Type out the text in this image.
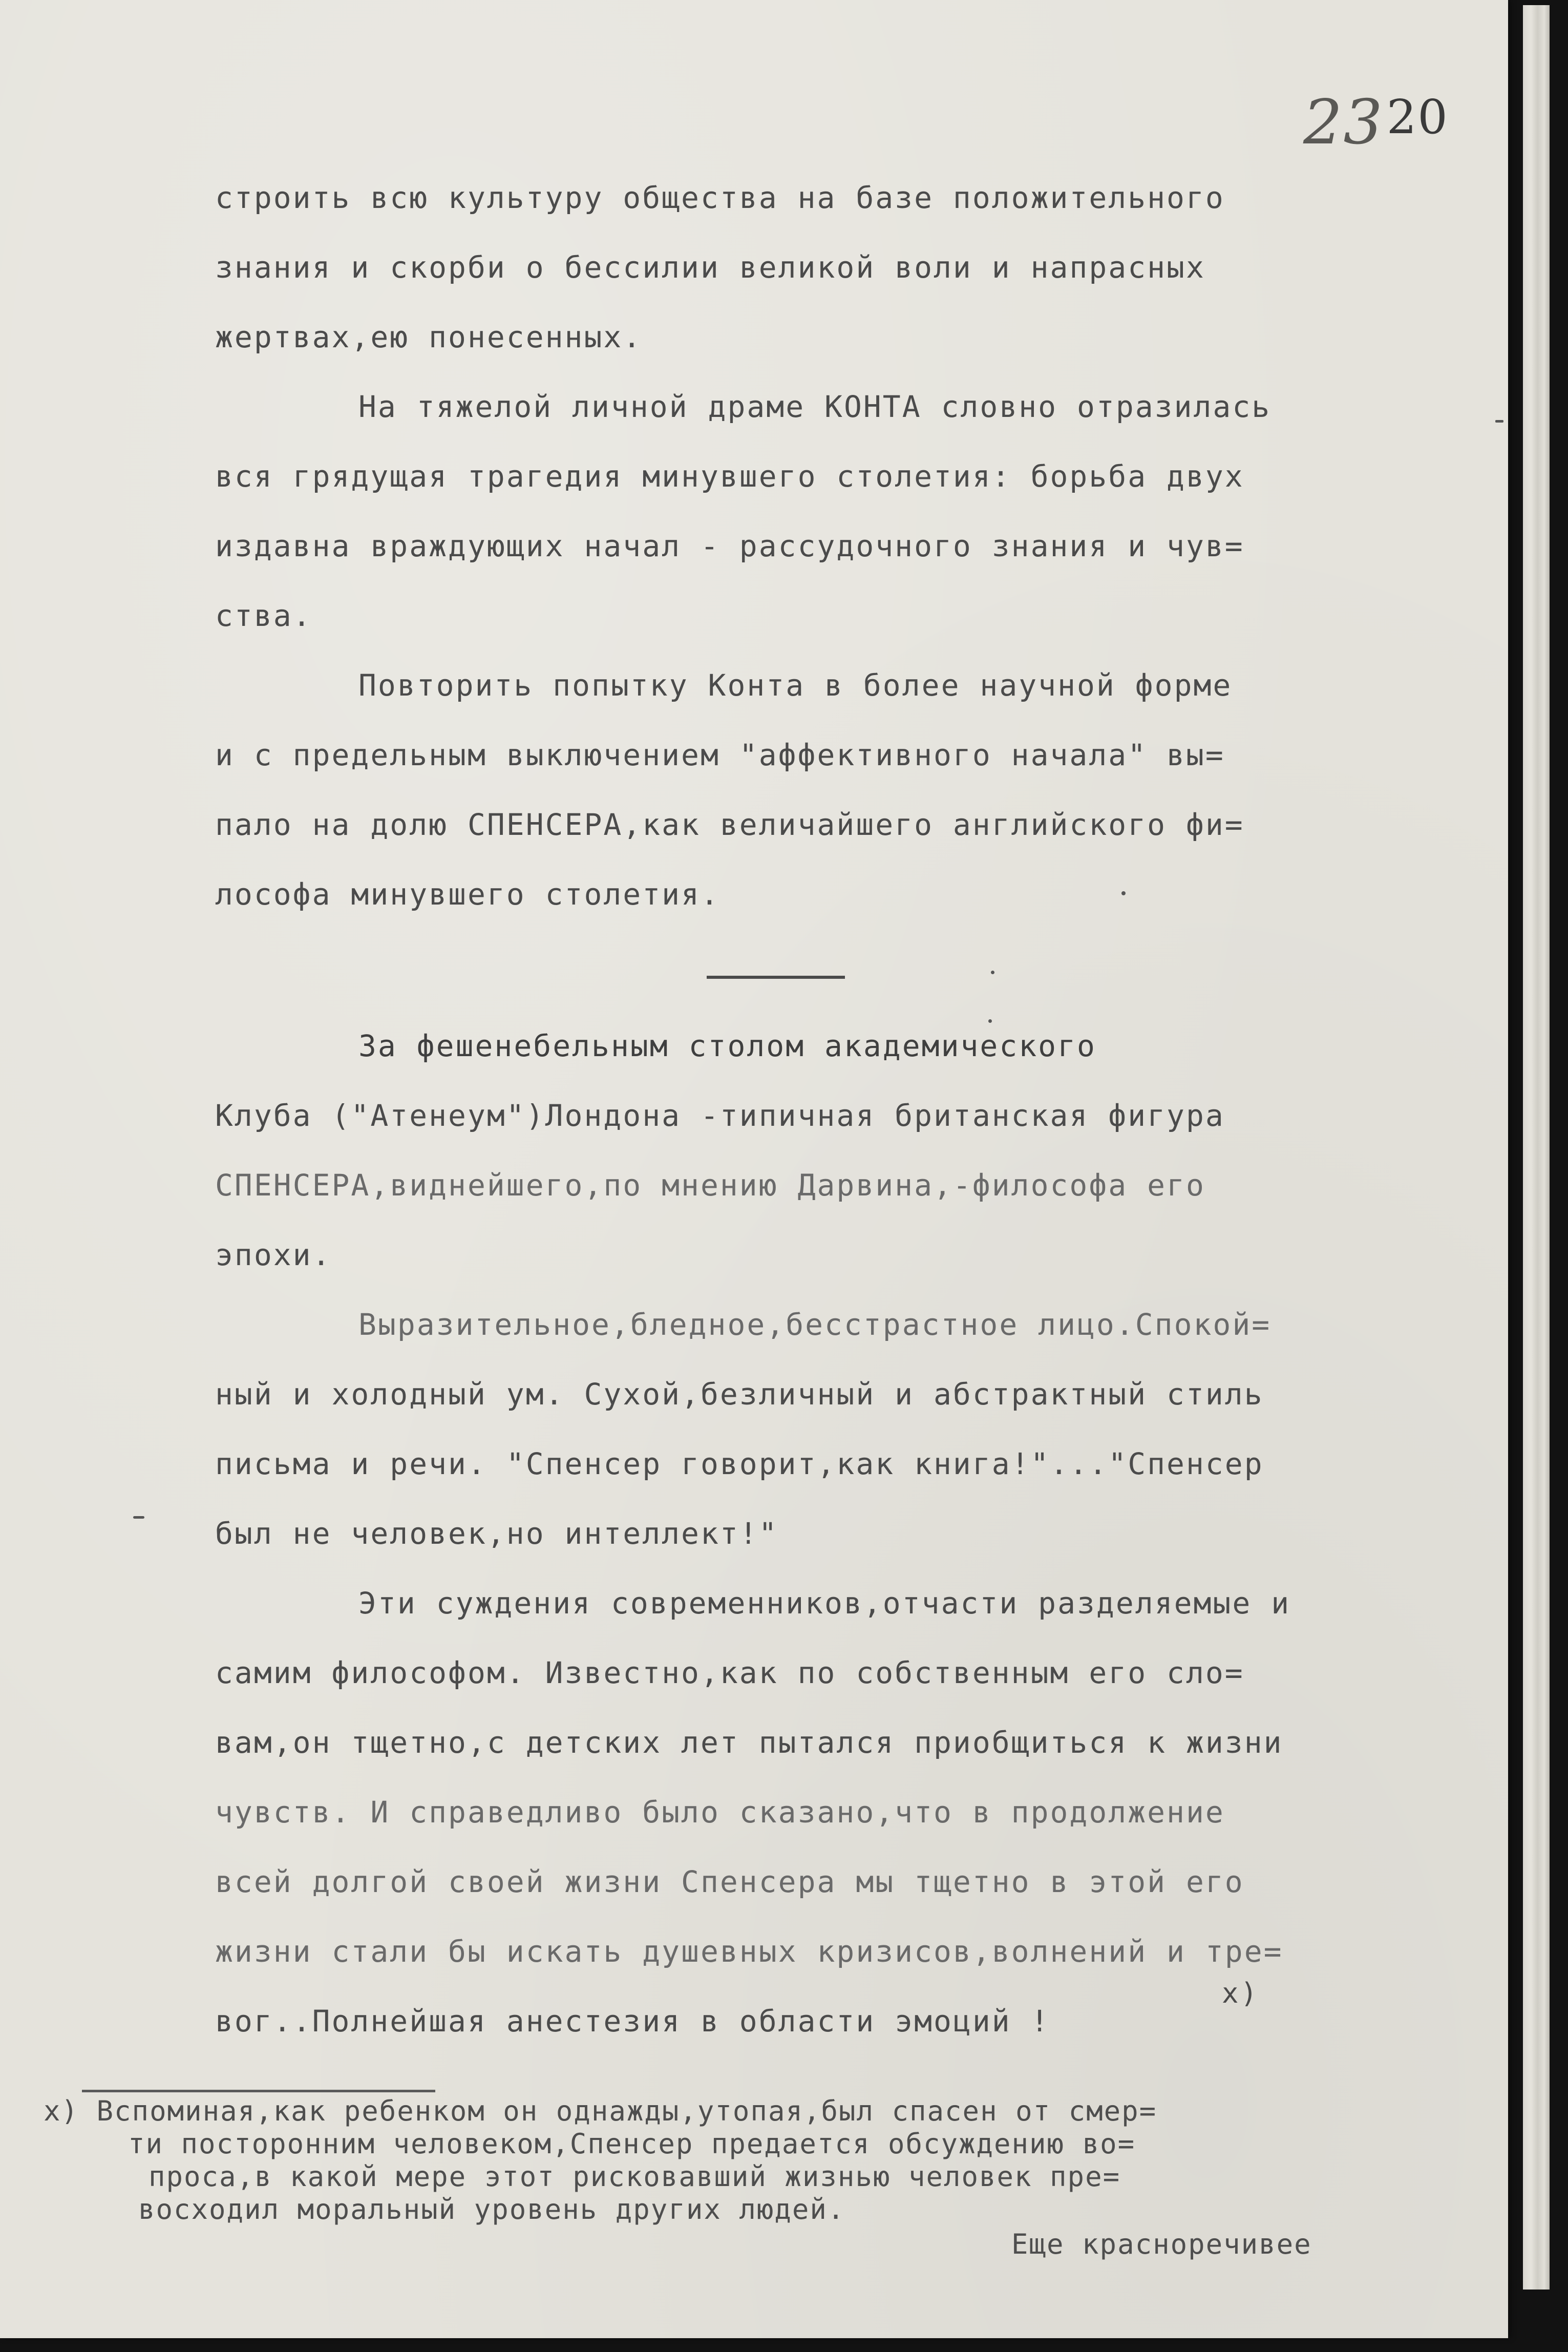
2320
строить всю культуру общества на базе положительного
знания и скорби о бессилии великой воли и напрасных
жертвах,ею понесенных.
На тяжелой личной драме КОНТА словно отразилась
вся грядущая трагедия минувшего столетия: борьба двух
издавна враждующих начал - рассудочного знания и чув=
ства.
Повторить попытку Конта в более научной форме
и с предельным выключением "аффективного начала" вы=
пало на долю СПЕНСЕРА,как величайшего английского фи=
лософа минувшего столетия.
За фешенебельным столом академического
Клуба ("Атенеум")Лондона -типичная британская фигура
СПЕНСЕРА,виднейшего,по мнению Дарвина,-философа его
эпохи.
Выразительное,бледное,бесстрастное лицо.Спокой=
ный и холодный ум. Сухой,безличный и абстрактный стиль
письма и речи. "Спенсер говорит,как книга!"..."Спенсер
был не человек,но интеллект!"
Эти суждения современников,отчасти разделяемые и
самим философом. Известно,как по собственным его сло=
вам,он тщетно,с детских лет пытался приобщиться к жизни
чувств. И справедливо было сказано,что в продолжение
всей долгой своей жизни Спенсера мы тщетно в этой его
жизни стали бы искать душевных кризисов,волнений и тре=
вог..Полнейшая анестезия в области эмоций !
x)
x) Вспоминая,как ребенком он однажды,утопая,был спасен от смер=
ти посторонним человеком,Спенсер предается обсуждению во=
проса,в какой мере этот рисковавший жизнью человек пре=
восходил моральный уровень других людей.
Еще красноречивее
